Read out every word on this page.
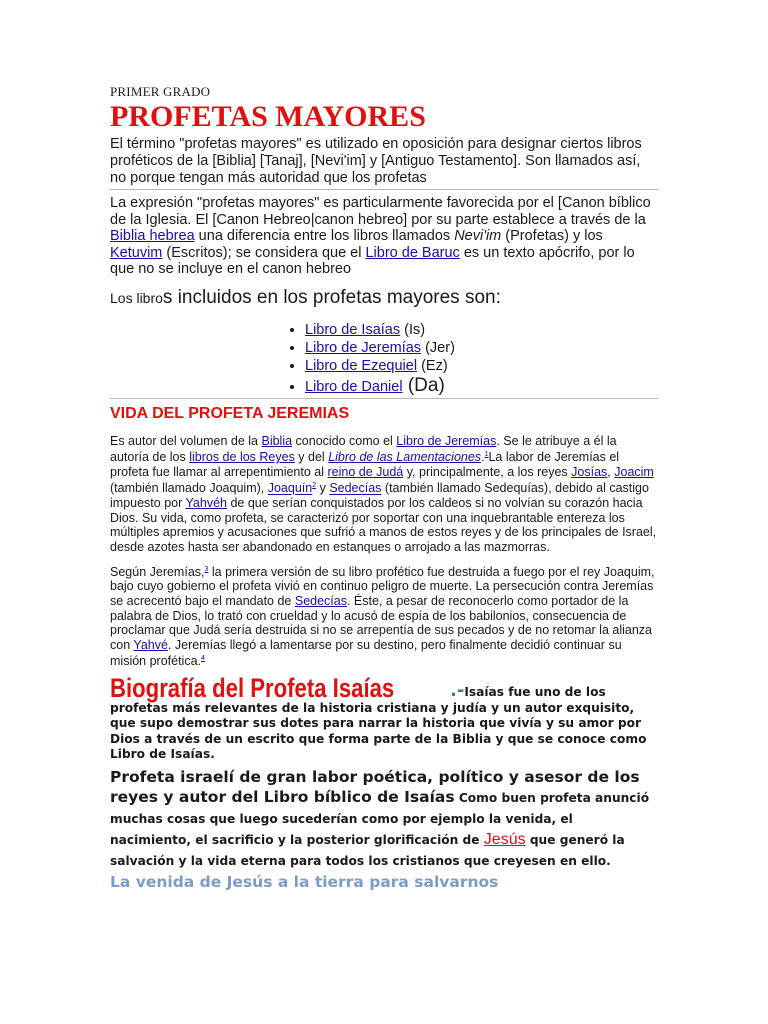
PRIMER GRADO

PROFETAS MAYORES

El término "profetas mayores" es utilizado en oposición para designar ciertos libros proféticos de la [Biblia] [Tanaj], [Nevi'im] y [Antiguo Testamento]. Son llamados así, no porque tengan más autoridad que los profetas

La expresión "profetas mayores" es particularmente favorecida por el [Canon bíblico de la Iglesia. El [Canon Hebreo|canon hebreo] por su parte establece a través de la Biblia hebrea una diferencia entre los libros llamados Nevi'im (Profetas) y los Ketuvim (Escritos); se considera que el Libro de Baruc es un texto apócrifo, por lo que no se incluye en el canon hebreo

Los libros incluidos en los profetas mayores son:

• Libro de Isaías (Is)
• Libro de Jeremías (Jer)
• Libro de Ezequiel (Ez)
• Libro de Daniel (Da)
VIDA DEL PROFETA JEREMIAS

Es autor del volumen de la Biblia conocido como el Libro de Jeremías. Se le atribuye a él la autoría de los libros de los Reyes y del Libro de las Lamentaciones.$^1$La labor de Jeremías el profeta fue llamar al arrepentimiento al reino de Judá y, principalmente, a los reyes Josías, Joacim (también llamado Joaquim), Joaquín$^2$ y Sedecías (también llamado Sedequías), debido al castigo impuesto por Yahvéh de que serían conquistados por los caldeos si no volvían su corazón hacia Dios. Su vida, como profeta, se caracterizó por soportar con una inquebrantable entereza los múltiples apremios y acusaciones que sufrió a manos de estos reyes y de los principales de Israel, desde azotes hasta ser abandonado en estanques o arrojado a las mazmorras.

Según Jeremías,$^3$ la primera versión de su libro profético fue destruida a fuego por el rey Joaquim, bajo cuyo gobierno el profeta vivió en continuo peligro de muerte. La persecución contra Jeremías se acrecentó bajo el mandato de Sedecías. Éste, a pesar de reconocerlo como portador de la palabra de Dios, lo trató con crueldad y lo acusó de espía de los babilonios, consecuencia de proclamar que Judá sería destruida si no se arrepentía de sus pecados y de no retomar la alianza con Yahvé. Jeremías llegó a lamentarse por su destino, pero finalmente decidió continuar su misión profética.$^4$

Biografía del Profeta Isaías	.-Isaías fue uno de los profetas más relevantes de la historia cristiana y judía y un autor exquisito, que supo demostrar sus dotes para narrar la historia que vivía y su amor por Dios a través de un escrito que forma parte de la Biblia y que se conoce como Libro de Isaías.

Profeta israelí de gran labor poética, político y asesor de los reyes y autor del Libro bíblico de Isaías Como buen profeta anunció muchas cosas que luego sucederían como por ejemplo la venida, el nacimiento, el sacrificio y la posterior glorificación de Jesús que generó la salvación y la vida eterna para todos los cristianos que creyesen en ello.

La venida de Jesús a la tierra para salvarnos
